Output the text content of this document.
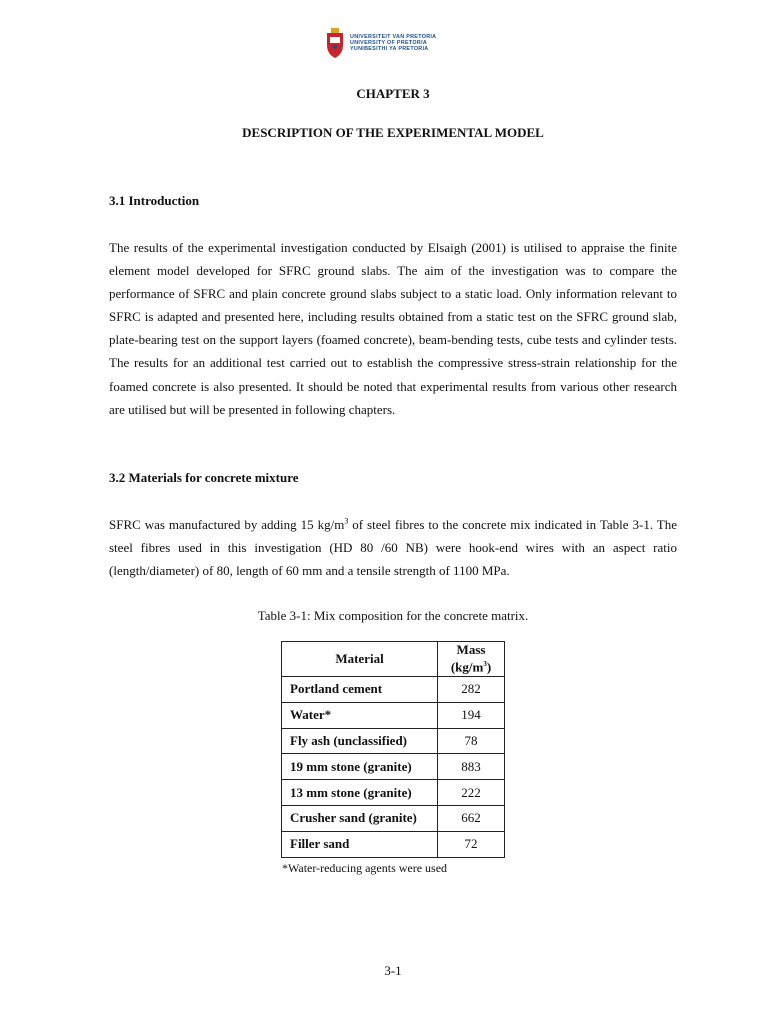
UNIVERSITEIT VAN PRETORIA
UNIVERSITY OF PRETORIA
YUNIBESITHI YA PRETORIA
CHAPTER 3
DESCRIPTION OF THE EXPERIMENTAL MODEL
3.1 Introduction
The results of the experimental investigation conducted by Elsaigh (2001) is utilised to appraise the finite element model developed for SFRC ground slabs. The aim of the investigation was to compare the performance of SFRC and plain concrete ground slabs subject to a static load. Only information relevant to SFRC is adapted and presented here, including results obtained from a static test on the SFRC ground slab, plate-bearing test on the support layers (foamed concrete), beam-bending tests, cube tests and cylinder tests. The results for an additional test carried out to establish the compressive stress-strain relationship for the foamed concrete is also presented. It should be noted that experimental results from various other research are utilised but will be presented in following chapters.
3.2 Materials for concrete mixture
SFRC was manufactured by adding 15 $kg/m^3$ of steel fibres to the concrete mix indicated in Table 3-1. The steel fibres used in this investigation (HD 80 /60 NB) were hook-end wires with an aspect ratio (length/diameter) of 80, length of 60 mm and a tensile strength of 1100 MPa.
Table 3-1: Mix composition for the concrete matrix.
Material	Mass
$(kg/m^3)$
Portland cement	282
Water*	194
Fly ash (unclassified)	78
19 mm stone (granite)	883
13 mm stone (granite)	222
Crusher sand (granite)	662
Filler sand	72
*Water-reducing agents were used
3-1
